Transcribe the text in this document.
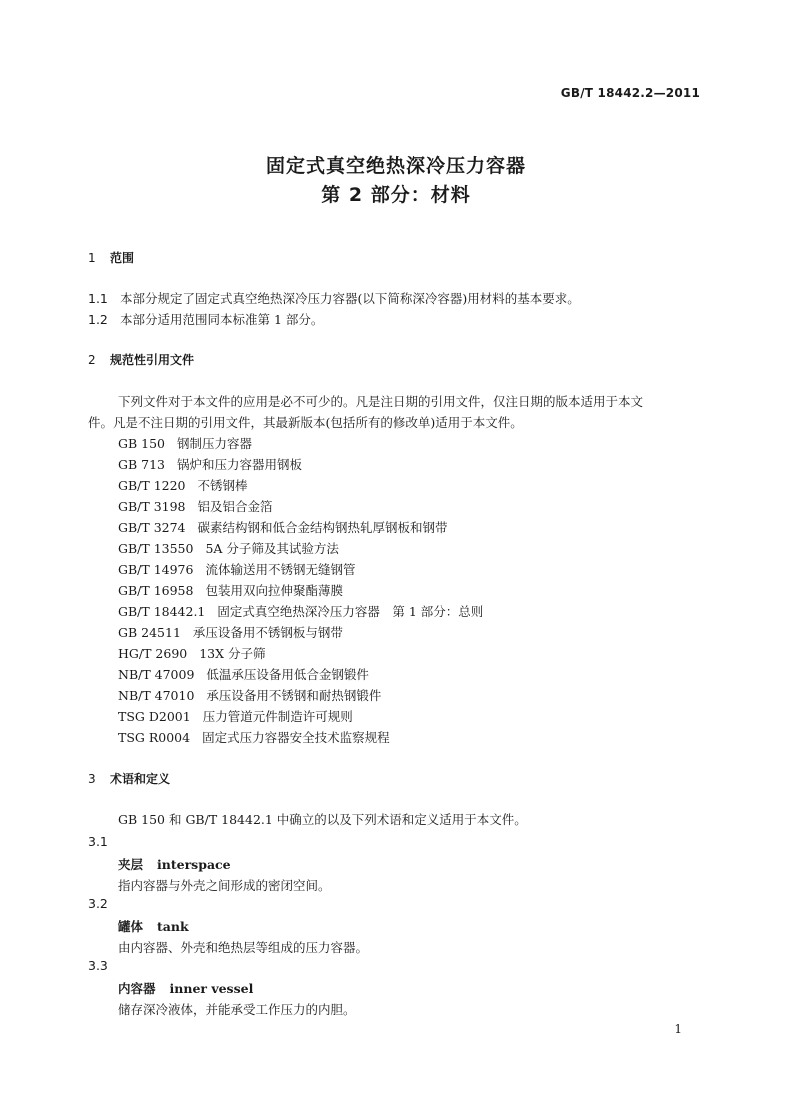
GB/T 18442.2—2011
固定式真空绝热深冷压力容器
第 2 部分：材料
1 范围
1.1 本部分规定了固定式真空绝热深冷压力容器(以下简称深冷容器)用材料的基本要求。
1.2 本部分适用范围同本标准第 1 部分。
2 规范性引用文件
下列文件对于本文件的应用是必不可少的。凡是注日期的引用文件，仅注日期的版本适用于本文
件。凡是不注日期的引用文件，其最新版本(包括所有的修改单)适用于本文件。
GB 150 钢制压力容器
GB 713 锅炉和压力容器用钢板
GB/T 1220 不锈钢棒
GB/T 3198 铝及铝合金箔
GB/T 3274 碳素结构钢和低合金结构钢热轧厚钢板和钢带
GB/T 13550 5A 分子筛及其试验方法
GB/T 14976 流体输送用不锈钢无缝钢管
GB/T 16958 包装用双向拉伸聚酯薄膜
GB/T 18442.1 固定式真空绝热深冷压力容器　第 1 部分：总则
GB 24511 承压设备用不锈钢板与钢带
HG/T 2690 13X 分子筛
NB/T 47009 低温承压设备用低合金钢锻件
NB/T 47010 承压设备用不锈钢和耐热钢锻件
TSG D2001 压力管道元件制造许可规则
TSG R0004 固定式压力容器安全技术监察规程
3 术语和定义
GB 150 和 GB/T 18442.1 中确立的以及下列术语和定义适用于本文件。
3.1
夹层 interspace
指内容器与外壳之间形成的密闭空间。
3.2
罐体 tank
由内容器、外壳和绝热层等组成的压力容器。
3.3
内容器 inner vessel
储存深冷液体，并能承受工作压力的内胆。
1
